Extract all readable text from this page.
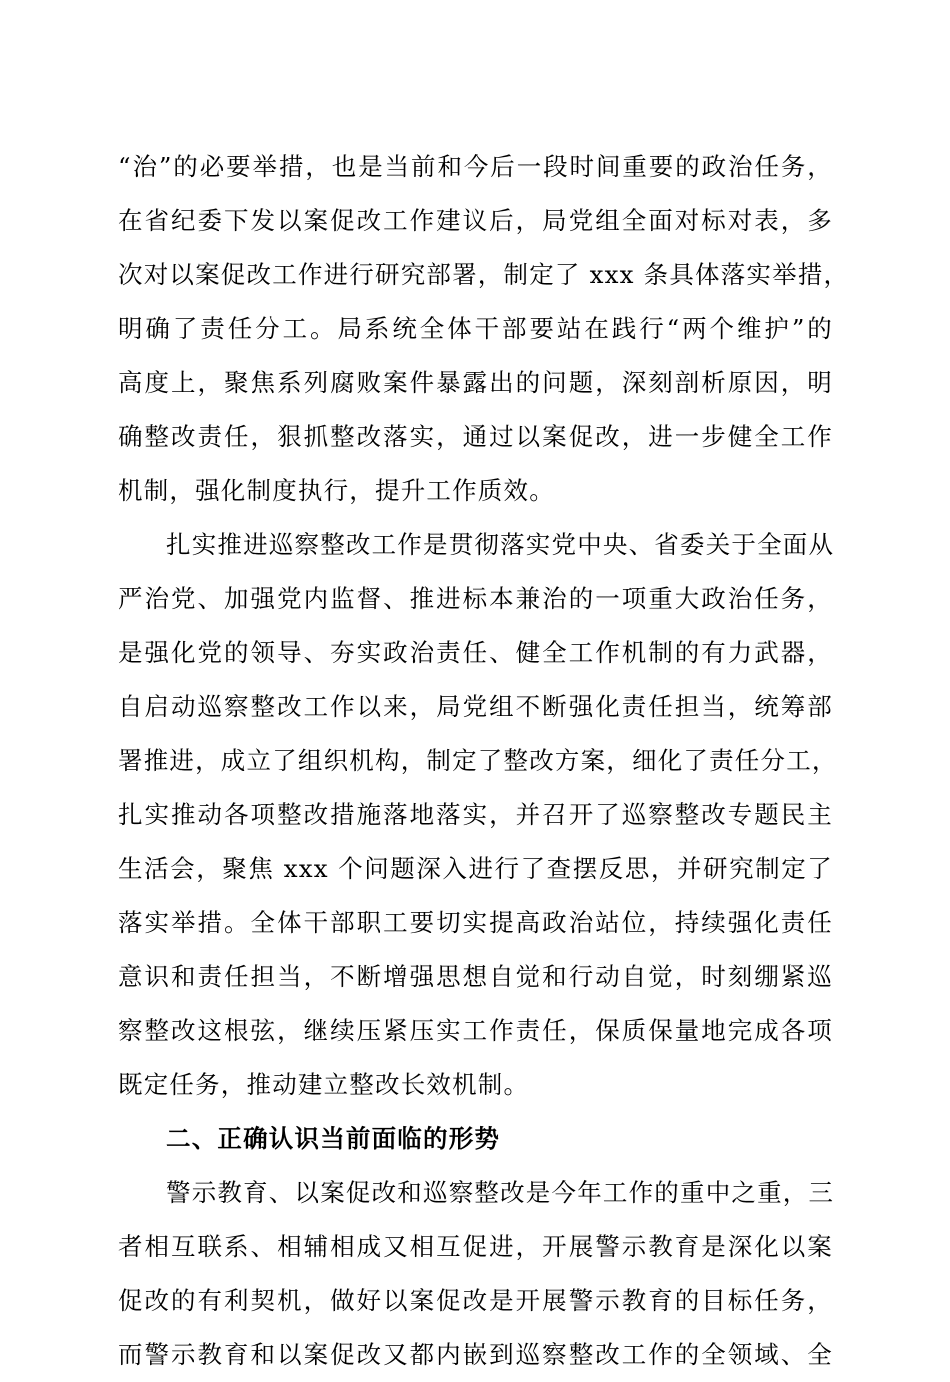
“治”的必要举措，也是当前和今后一段时间重要的政治任务，
在省纪委下发以案促改工作建议后，局党组全面对标对表，多
次对以案促改工作进行研究部署，制定了 xxx 条具体落实举措，
明确了责任分工。局系统全体干部要站在践行“两个维护”的
高度上，聚焦系列腐败案件暴露出的问题，深刻剖析原因，明
确整改责任，狠抓整改落实，通过以案促改，进一步健全工作
机制，强化制度执行，提升工作质效。
扎实推进巡察整改工作是贯彻落实党中央、省委关于全面从
严治党、加强党内监督、推进标本兼治的一项重大政治任务，
是强化党的领导、夯实政治责任、健全工作机制的有力武器，
自启动巡察整改工作以来，局党组不断强化责任担当，统筹部
署推进，成立了组织机构，制定了整改方案，细化了责任分工，
扎实推动各项整改措施落地落实，并召开了巡察整改专题民主
生活会，聚焦 xxx 个问题深入进行了查摆反思，并研究制定了
落实举措。全体干部职工要切实提高政治站位，持续强化责任
意识和责任担当，不断增强思想自觉和行动自觉，时刻绷紧巡
察整改这根弦，继续压紧压实工作责任，保质保量地完成各项
既定任务，推动建立整改长效机制。
二、正确认识当前面临的形势
警示教育、以案促改和巡察整改是今年工作的重中之重，三
者相互联系、相辅相成又相互促进，开展警示教育是深化以案
促改的有利契机，做好以案促改是开展警示教育的目标任务，
而警示教育和以案促改又都内嵌到巡察整改工作的全领域、全
